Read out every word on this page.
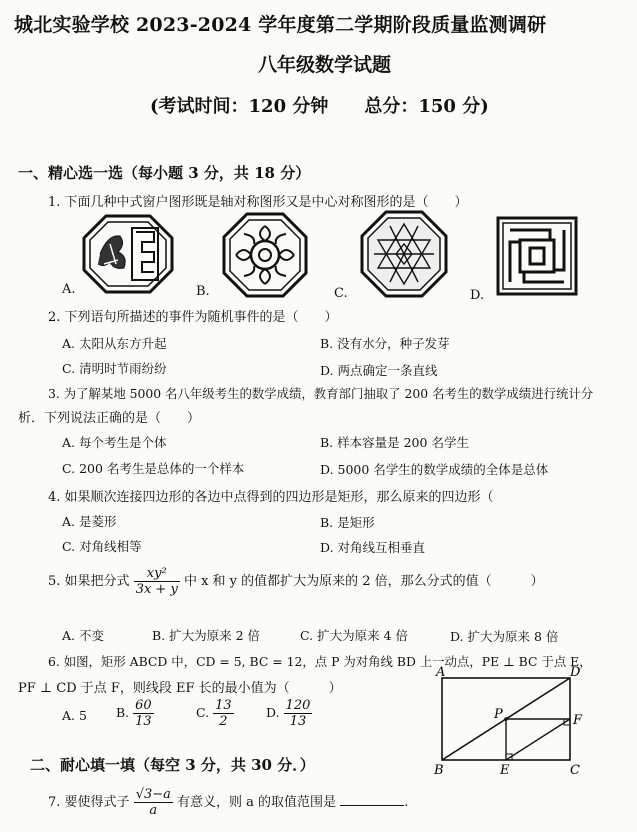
城北实验学校 2023-2024 学年度第二学期阶段质量监测调研
八年级数学试题
(考试时间：120 分钟　　总分：150 分)
一、精心选一选（每小题 3 分，共 18 分）
1. 下面几种中式窗户图形既是轴对称图形又是中心对称图形的是（　　）
A.	B.	C.	D.
2. 下列语句所描述的事件为随机事件的是（　　）
A. 太阳从东方升起	B. 没有水分，种子发芽
C. 清明时节雨纷纷	D. 两点确定一条直线
3. 为了解某地 5000 名八年级考生的数学成绩，教育部门抽取了 200 名考生的数学成绩进行统计分
析．下列说法正确的是（　　）
A. 每个考生是个体	B. 样本容量是 200 名学生
C. 200 名考生是总体的一个样本	D. 5000 名学生的数学成绩的全体是总体
4. 如果顺次连接四边形的各边中点得到的四边形是矩形，那么原来的四边形（
A. 是菱形	B. 是矩形
C. 对角线相等	D. 对角线互相垂直
5. 如果把分式 $\frac{\text{xy²}}{3x + y}$ 中 x 和 y 的值都扩大为原来的 2 倍，那么分式的值（　　　）
A. 不变	B. 扩大为原来 2 倍	C. 扩大为原来 4 倍	D. 扩大为原来 8 倍
6. 如图，矩形 ABCD 中，CD = 5, BC = 12，点 P 为对角线 BD 上一动点，PE ⊥ BC 于点 E，
PF ⊥ CD 于点 F，则线段 EF 长的最小值为（　　　）
A. 5 B. $\frac{60}{13}$	C. $\frac{13}{2}$	D. $\frac{120}{13}$
A	D
B	C
P
E
F
二、耐心填一填（每空 3 分，共 30 分．）
7. 要使得式子 $\frac{√3-a}{a}$ 有意义，则 a 的取值范围是	.
